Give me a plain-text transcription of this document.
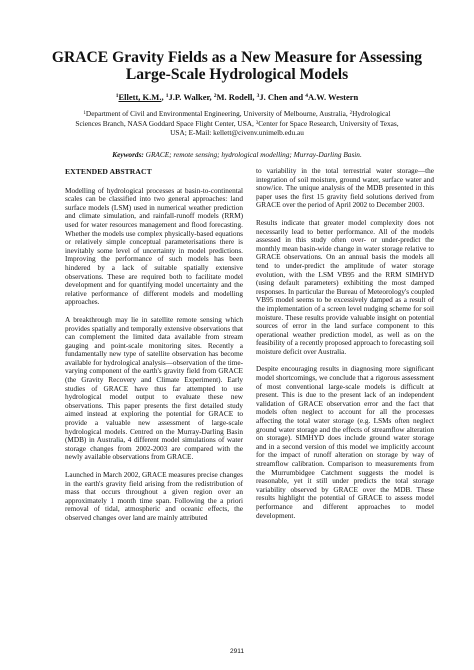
GRACE Gravity Fields as a New Measure for Assessing Large-Scale Hydrological Models
$^1$Ellett, K.M., $^1$J.P. Walker, $^2$M. Rodell, $^3$J. Chen and $^4$A.W. Western
$^1$Department of Civil and Environmental Engineering, University of Melbourne, Australia, $^2$Hydrological Sciences Branch, NASA Goddard Space Flight Center, USA, $^3$Center for Space Research, University of Texas, USA; E-Mail: kellett@civenv.unimelb.edu.au
Keywords: GRACE; remote sensing; hydrological modelling; Murray-Darling Basin.
EXTENDED ABSTRACT

Modelling of hydrological processes at basin-to-continental scales can be classified into two general approaches: land surface models (LSM) used in numerical weather prediction and climate simulation, and rainfall-runoff models (RRM) used for water resources management and flood forecasting. Whether the models use complex physically-based equations or relatively simple conceptual parameterisations there is inevitably some level of uncertainty in model predictions. Improving the performance of such models has been hindered by a lack of suitable spatially extensive observations. These are required both to facilitate model development and for quantifying model uncertainty and the relative performance of different models and modelling approaches.

A breakthrough may lie in satellite remote sensing which provides spatially and temporally extensive observations that can complement the limited data available from stream gauging and point-scale monitoring sites. Recently a fundamentally new type of satellite observation has become available for hydrological analysis—observation of the time-varying component of the earth's gravity field from GRACE (the Gravity Recovery and Climate Experiment). Early studies of GRACE have thus far attempted to use hydrological model output to evaluate these new observations. This paper presents the first detailed study aimed instead at exploring the potential for GRACE to provide a valuable new assessment of large-scale hydrological models. Centred on the Murray-Darling Basin (MDB) in Australia, 4 different model simulations of water storage changes from 2002-2003 are compared with the newly available observations from GRACE.

Launched in March 2002, GRACE measures precise changes in the earth's gravity field arising from the redistribution of mass that occurs throughout a given region over an approximately 1 month time span. Following the a priori removal of tidal, atmospheric and oceanic effects, the observed changes over land are mainly attributed

to variability in the total terrestrial water storage—the integration of soil moisture, ground water, surface water and snow/ice. The unique analysis of the MDB presented in this paper uses the first 15 gravity field solutions derived from GRACE over the period of April 2002 to December 2003.

Results indicate that greater model complexity does not necessarily lead to better performance. All of the models assessed in this study often over- or under-predict the monthly mean basin-wide change in water storage relative to GRACE observations. On an annual basis the models all tend to under-predict the amplitude of water storage evolution, with the LSM VB95 and the RRM SIMHYD (using default parameters) exhibiting the most damped responses. In particular the Bureau of Meteorology's coupled VB95 model seems to be excessively damped as a result of the implementation of a screen level nudging scheme for soil moisture. These results provide valuable insight on potential sources of error in the land surface component to this operational weather prediction model, as well as on the feasibility of a recently proposed approach to forecasting soil moisture deficit over Australia.

Despite encouraging results in diagnosing more significant model shortcomings, we conclude that a rigorous assessment of most conventional large-scale models is difficult at present. This is due to the present lack of an independent validation of GRACE observation error and the fact that models often neglect to account for all the processes affecting the total water storage (e.g. LSMs often neglect ground water storage and the effects of streamflow alteration on storage). SIMHYD does include ground water storage and in a second version of this model we implicitly account for the impact of runoff alteration on storage by way of streamflow calibration. Comparison to measurements from the Murrumbidgee Catchment suggests the model is reasonable, yet it still under predicts the total storage variability observed by GRACE over the MDB. These results highlight the potential of GRACE to assess model performance and different approaches to model development.

2911
